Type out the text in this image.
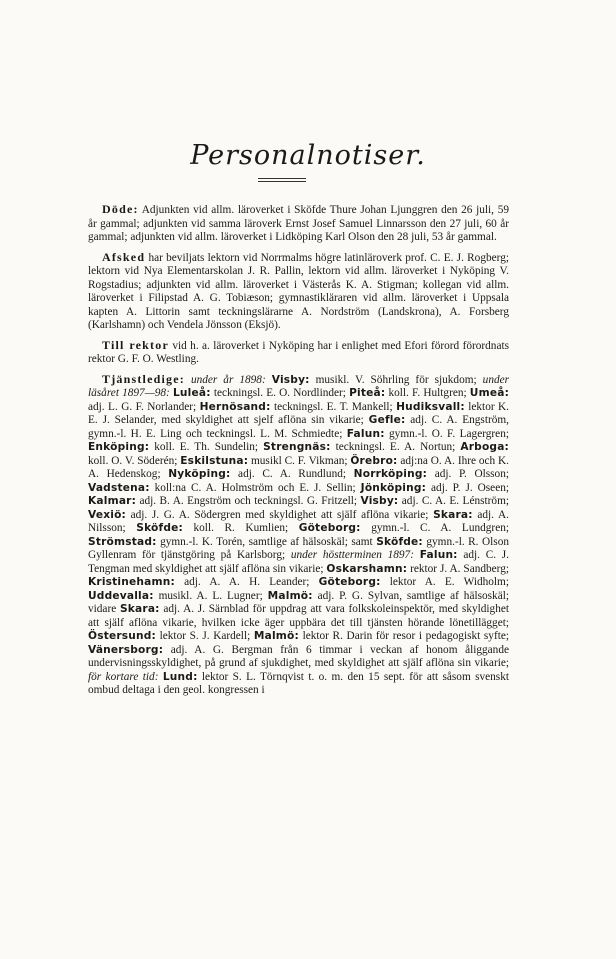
Personalnotiser.

Döde: Adjunkten vid allm. läroverket i Sköfde Thure Johan Ljunggren den 26 juli, 59 år gammal; adjunkten vid samma läroverk Ernst Josef Samuel Linnarsson den 27 juli, 60 år gammal; adjunkten vid allm. läroverket i Lidköping Karl Olson den 28 juli, 53 år gammal.

Afsked har beviljats lektorn vid Norrmalms högre latinläroverk prof. C. E. J. Rogberg; lektorn vid Nya Elementarskolan J. R. Pallin, lektorn vid allm. läroverket i Nyköping V. Rogstadius; adjunkten vid allm. läroverket i Västerås K. A. Stigman; kollegan vid allm. läroverket i Filipstad A. G. Tobiæson; gymnastikläraren vid allm. läroverket i Uppsala kapten A. Littorin samt teckningslärarne A. Nordström (Landskrona), A. Forsberg (Karlshamn) och Vendela Jönsson (Eksjö).

Till rektor vid h. a. läroverket i Nyköping har i enlighet med Efori förord förordnats rektor G. F. O. Westling.

Tjänstledige: under år 1898: Visby: musikl. V. Söhrling för sjukdom; under läsåret 1897—98: Luleå: teckningsl. E. O. Nordlinder; Piteå: koll. F. Hultgren; Umeå: adj. L. G. F. Norlander; Hernösand: teckningsl. E. T. Mankell; Hudiksvall: lektor K. E. J. Selander, med skyldighet att sjelf aflöna sin vikarie; Gefle: adj. C. A. Engström, gymn.-l. H. E. Ling och teckningsl. L. M. Schmiedte; Falun: gymn.-l. O. F. Lagergren; Enköping: koll. E. Th. Sundelin; Strengnäs: teckningsl. E. A. Nortun; Arboga: koll. O. V. Söderén; Eskilstuna: musikl C. F. Vikman; Örebro: adj:na O. A. Ihre och K. A. Hedenskog; Nyköping: adj. C. A. Rundlund; Norrköping: adj. P. Olsson; Vadstena: koll:na C. A. Holmström och E. J. Sellin; Jönköping: adj. P. J. Oseen; Kalmar: adj. B. A. Engström och teckningsl. G. Fritzell; Visby: adj. C. A. E. Lénström; Vexiö: adj. J. G. A. Södergren med skyldighet att själf aflöna vikarie; Skara: adj. A. Nilsson; Sköfde: koll. R. Kumlien; Göteborg: gymn.-l. C. A. Lundgren; Strömstad: gymn.-l. K. Torén, samtlige af hälsoskäl; samt Sköfde: gymn.-l. R. Olson Gyllenram för tjänstgöring på Karlsborg; under höstterminen 1897: Falun: adj. C. J. Tengman med skyldighet att själf aflöna sin vikarie; Oskarshamn: rektor J. A. Sandberg; Kristinehamn: adj. A. A. H. Leander; Göteborg: lektor A. E. Widholm; Uddevalla: musikl. A. L. Lugner; Malmö: adj. P. G. Sylvan, samtlige af hälsoskäl; vidare Skara: adj. A. J. Särnblad för uppdrag att vara folkskoleinspektör, med skyldighet att själf aflöna vikarie, hvilken icke äger uppbära det till tjänsten hörande lönetillägget; Östersund: lektor S. J. Kardell; Malmö: lektor R. Darin för resor i pedagogiskt syfte; Vänersborg: adj. A. G. Bergman från 6 timmar i veckan af honom åliggande undervisningsskyldighet, på grund af sjukdighet, med skyldighet att själf aflöna sin vikarie; för kortare tid: Lund: lektor S. L. Törnqvist t. o. m. den 15 sept. för att såsom svenskt ombud deltaga i den geol. kongressen i
